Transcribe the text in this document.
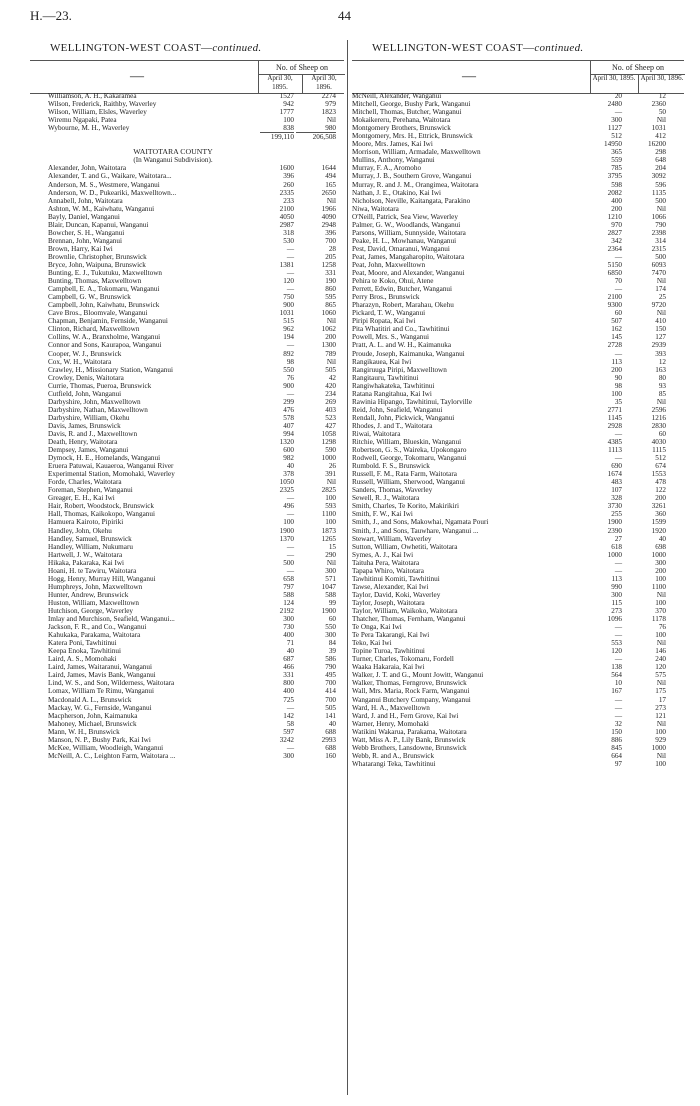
H.—23.	44
WELLINGTON-WEST COAST—continued.	WELLINGTON-WEST COAST—continued.
—
No. of Sheep on
April 30, 1895.
April 30, 1896.
—
No. of Sheep on
April 30, 1895. April 30, 1896.
Williamson, A. H., Kakaramea	1527	2274
Wilson, Frederick, Raithby, Waverley	942	979
Wilson, William, Elsles, Waverley	1777	1823
Wiremu Ngapaki, Patea	100	Nil
Wybourne, M. H., Waverley	838	980
199,110	206,508
WAITOTARA COUNTY
(In Wanganui Subdivision).
Alexander, John, Waitotara	1600	1644
Alexander, T. and G., Waikare, Waitotara...	396	494
Anderson, M. S., Westmere, Wanganui	260	165
Anderson, W. D., Pukeariki, Maxwelltown...	2335	2650
Annabell, John, Waitotara	233	Nil
Ashton, W. M., Kaiwhatu, Wanganui	2100	1966
Bayly, Daniel, Wanganui	4050	4090
Blair, Duncan, Kapanui, Wanganui	2987	2948
Bowcher, S. H., Wanganui	318	396
Brennan, John, Wanganui	530	700
Brown, Harry, Kai Iwi	—	28
Brownlie, Christopher, Brunswick	—	205
Bryce, John, Waipuna, Brunswick	1381	1258
Bunting, E. J., Tukutuku, Maxwelltown	—	331
Bunting, Thomas, Maxwelltown	120	190
Campbell, E. A., Tokomaru, Wanganui	—	860
Campbell, G. W., Brunswick	750	595
Campbell, John, Kaiwhatu, Brunswick	900	865
Cave Bros., Bloomvale, Wanganui	1031	1060
Chapman, Benjamin, Fernside, Wanganui	515	Nil
Clinton, Richard, Maxwelltown	962	1062
Collins, W. A., Branxholme, Wanganui	194	200
Connor and Sons, Kaurapoa, Wanganui	—	1300
Cooper, W. J., Brunswick	892	789
Cox, W. H., Waitotara	98	Nil
Crawley, H., Missionary Station, Wanganui	550	505
Crowley, Denis, Waitotara	76	42
Currie, Thomas, Pueroa, Brunswick	900	420
Cutfield, John, Wanganui	—	234
Darbyshire, John, Maxwelltown	299	269
Darbyshire, Nathan, Maxwelltown	476	403
Darbyshire, William, Okehu	578	523
Davis, James, Brunswick	407	427
Davis, R. and J., Maxwelltown	994	1058
Death, Henry, Waitotara	1320	1298
Dempsey, James, Wanganui	600	590
Dymock, H. E., Homelands, Wanganui	982	1000
Eruera Patuwai, Kauaeroa, Wanganui River	40	26
Experimental Station, Momohaki, Waverley	378	391
Forde, Charles, Waitotara	1050	Nil
Foreman, Stephen, Wanganui	2325	2825
Greager, E. H., Kai Iwi	—	100
Hair, Robert, Woodstock, Brunswick	496	593
Hall, Thomas, Kaikokopo, Wanganui	—	1100
Hamuera Kairoto, Pipiriki	100	100
Handley, John, Okehu	1900	1873
Handley, Samuel, Brunswick	1370	1265
Handley, William, Nukumaru	—	15
Hartwell, J. W., Waitotara	—	290
Hikaka, Pakaraka, Kai Iwi	500	Nil
Hoani, H. te Tawiru, Waitotara	—	300
Hogg, Henry, Murray Hill, Wanganui	658	571
Humphreys, John, Maxwelltown	797	1047
Hunter, Andrew, Brunswick	588	588
Huston, William, Maxwelltown	124	99
Hutchison, George, Waverley	2192	1900
Imlay and Murchison, Seafield, Wanganui...	300	60
Jackson, F. R., and Co., Wanganui	730	550
Kahukaka, Parakama, Waitotara	400	300
Katera Poni, Tawhitinui	71	84
Keepa Enoka, Tawhitinui	40	39
Laird, A. S., Momohaki	687	586
Laird, James, Waitaranui, Wanganui	466	790
Laird, James, Mavis Bank, Wanganui	331	495
Lind, W. S., and Son, Wilderness, Waitotara	800	700
Lomax, William Te Rimu, Wanganui	400	414
Macdonald A. L., Brunswick	725	700
Mackay, W. G., Fernside, Wanganui	—	505
Macpherson, John, Kaimanuka	142	141
Mahoney, Michael, Brunswick	58	40
Mann, W. H., Brunswick	597	688
Manson, N. P., Bushy Park, Kai Iwi	3242	2993
McKee, William, Woodleigh, Wanganui	—	688
McNeill, A. C., Leighton Farm, Waitotara ...	300	160
McNeill, Alexander, Wanganui	20	12
Mitchell, George, Bushy Park, Wanganui	2480	2360
Mitchell, Thomas, Butcher, Wanganui	—	50
Mokaikereru, Perehana, Waitotara	300	Nil
Montgomery Brothers, Brunswick	1127	1031
Montgomery, Mrs. H., Ettrick, Brunswick	512	412
Moore, Mrs. James, Kai Iwi	14950	16200
Morrison, William, Armadale, Maxwelltown	365	298
Mullins, Anthony, Wanganui	559	648
Murray, F. A., Aromoho	785	204
Murray, J. B., Southern Grove, Wanganui	3795	3092
Murray, R. and J. M., Orangimea, Waitotara	598	596
Nathan, J. E., Otakino, Kai Iwi	2082	1135
Nicholson, Neville, Kaitangata, Parakino	400	500
Niwa, Waitotara	200	Nil
O'Neill, Patrick, Sea View, Waverley	1210	1066
Palmer, G. W., Woodlands, Wanganui	970	790
Parsons, William, Sunnyside, Waitotara	2827	2398
Peake, H. L., Mowhanau, Wanganui	342	314
Pest, David, Omaranui, Wanganui	2364	2315
Peat, James, Mangaharopito, Waitotara	—	500
Peat, John, Maxwelltown	5150	6093
Peat, Moore, and Alexander, Wanganui	6850	7470
Pehira te Koko, Ohui, Atene	70	Nil
Perrett, Edwin, Butcher, Wanganui	—	174
Perry Bros., Brunswick	2100	25
Pharazyn, Robert, Marahau, Okehu	9300	9720
Pickard, T. W., Wanganui	60	Nil
Piripi Ropata, Kai Iwi	507	410
Pita Whatitiri and Co., Tawhitinui	162	150
Powell, Mrs. S., Wanganui	145	127
Pratt, A. L. and W. H., Kaimanuka	2728	2939
Proude, Joseph, Kaimanuka, Wanganui	—	393
Rangikauea, Kai Iwi	113	12
Rangiruuga Piripi, Maxwelltown	200	163
Rangitauru, Tawhitinui	90	80
Rangiwhakateka, Tawhitinui	98	93
Ratana Rangitahua, Kai Iwi	100	85
Rawinia Hipango, Tawhitinui, Taylorville	35	Nil
Reid, John, Seafield, Wanganui	2771	2596
Rendall, John, Pickwick, Wanganui	1145	1216
Rhodes, J. and T., Waitotara	2928	2830
Riwai, Waitotara	—	60
Ritchie, William, Blueskin, Wanganui	4385	4030
Robertson, G. S., Waireka, Upokongaro	1113	1115
Rodwell, George, Tokomaru, Wanganui	—	512
Rumbold. F. S., Brunswick	690	674
Russell, F. M., Rata Farm, Waitotara	1674	1553
Russell, William, Sherwood, Wanganui	483	478
Sanders, Thomas, Waverley	107	122
Sewell, R. J., Waitotara	328	200
Smith, Charles, Te Korito, Makirikiri	3730	3261
Smith, F. W., Kai Iwi	255	360
Smith, J., and Sons, Makowhai, Ngamata Pouri	1900	1599
Smith, J., and Sons, Tauwhare, Wanganui ...	2390	1920
Stewart, William, Waverley	27	40
Sutton, William, Owhetiti, Waitotara	618	698
Symes, A. J., Kai Iwi	1000	1000
Taituha Pera, Waitotara	—	300
Tapapa Whiro, Waitotara	—	200
Tawhitinui Komiti, Tawhitinui	113	100
Tawse, Alexander, Kai Iwi	990	1100
Taylor, David, Koki, Waverley	300	Nil
Taylor, Joseph, Waitotara	115	100
Taylor, William, Waikoko, Waitotara	273	370
Thatcher, Thomas, Fernham, Wanganui	1096	1178
Te Onga, Kai Iwi	—	76
Te Pera Takarangi, Kai Iwi	—	100
Teko, Kai Iwi	553	Nil
Topine Turoa, Tawhitinui	120	146
Turner, Charles, Tokomaru, Fordell	—	240
Waaka Hakaraia, Kai Iwi	138	120
Walker, J. T. and G., Mount Jowitt, Wanganui	564	575
Walker, Thomas, Ferngrove, Brunswick	10	Nil
Wall, Mrs. Maria, Rock Farm, Wanganui	167	175
Wanganui Butchery Company, Wanganui	—	17
Ward, H. A., Maxwelltown	—	273
Ward, J. and H., Fern Grove, Kai Iwi	—	121
Warner, Henry, Momohaki	32	Nil
Watikini Wakarua, Parakama, Waitotara	150	100
Watt, Miss A. P., Lily Bank, Brunswick	886	929
Webb Brothers, Lansdowne, Brunswick	845	1000
Webb, R. and A., Brunswick	664	Nil
Whatarangi Teka, Tawhitinui	97	100
